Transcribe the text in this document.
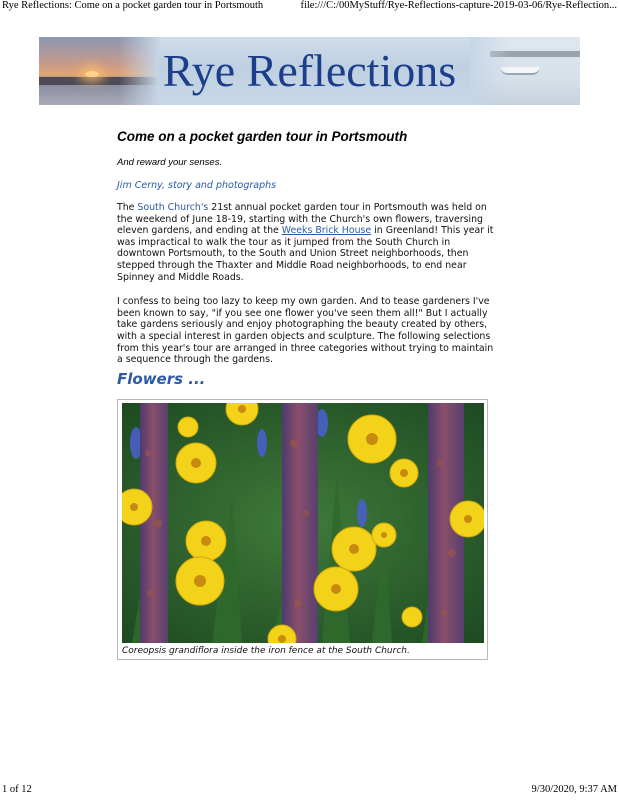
Rye Reflections: Come on a pocket garden tour in Portsmouth	file:///C:/00MyStuff/Rye-Reflections-capture-2019-03-06/Rye-Reflection...
Rye Reflections
Come on a pocket garden tour in Portsmouth
And reward your senses.
Jim Cerny, story and photographs

The South Church's 21st annual pocket garden tour in Portsmouth was held on the weekend of June 18-19, starting with the Church's own flowers, traversing eleven gardens, and ending at the Weeks Brick House in Greenland! This year it was impractical to walk the tour as it jumped from the South Church in downtown Portsmouth, to the South and Union Street neighborhoods, then stepped through the Thaxter and Middle Road neighborhoods, to end near Spinney and Middle Roads.

I confess to being too lazy to keep my own garden. And to tease gardeners I've been known to say, "if you see one flower you've seen them all!" But I actually take gardens seriously and enjoy photographing the beauty created by others, with a special interest in garden objects and sculpture. The following selections from this year's tour are arranged in three categories without trying to maintain a sequence through the gardens.

Flowers ...
Coreopsis grandiflora inside the iron fence at the South Church.
1 of 12	9/30/2020, 9:37 AM
